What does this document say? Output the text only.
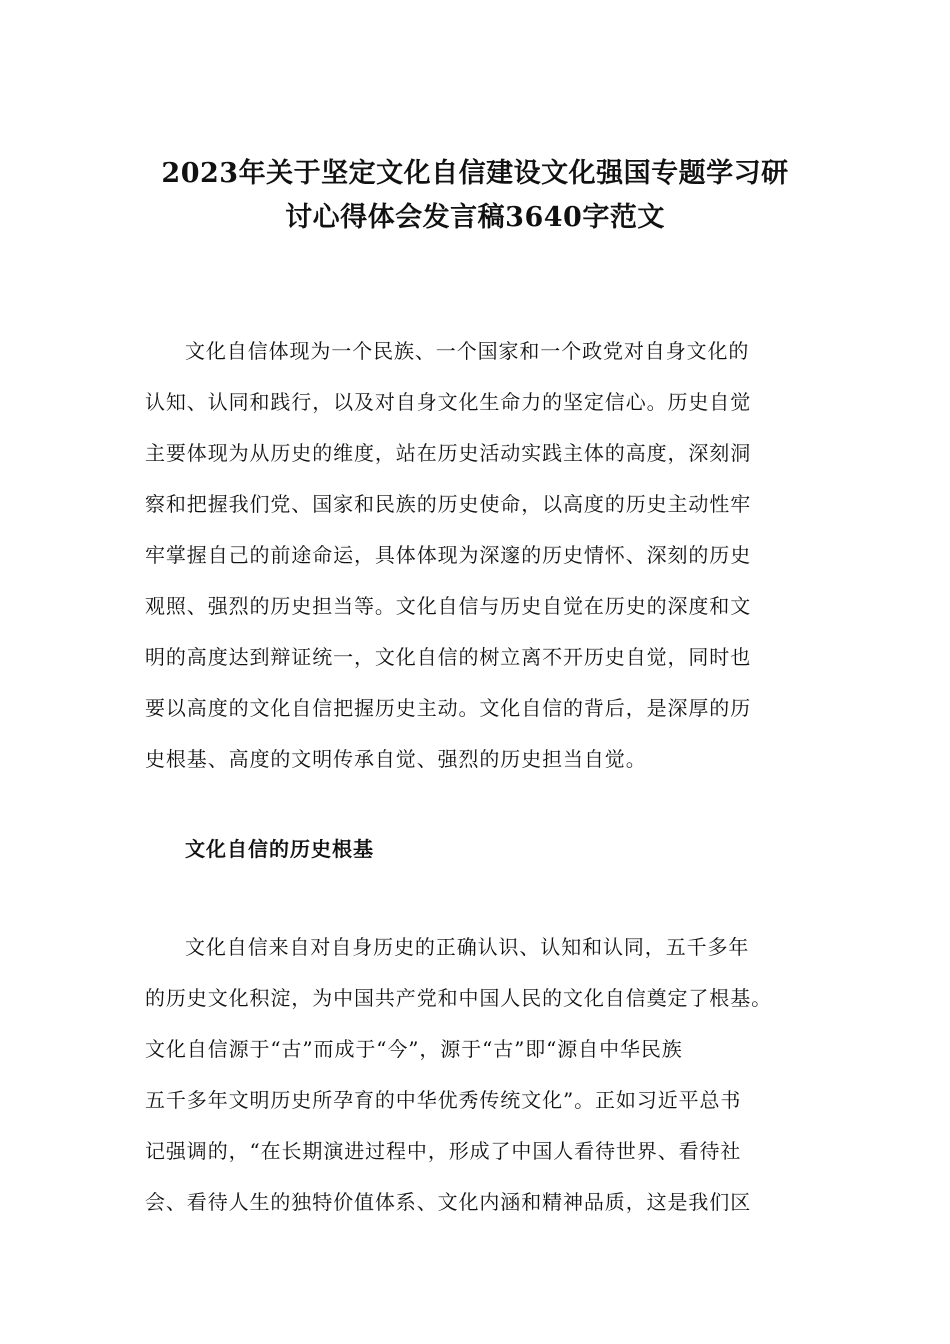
2023年关于坚定文化自信建设文化强国专题学习研
讨心得体会发言稿3640字范文
文化自信体现为一个民族、一个国家和一个政党对自身文化的
认知、认同和践行，以及对自身文化生命力的坚定信心。历史自觉
主要体现为从历史的维度，站在历史活动实践主体的高度，深刻洞
察和把握我们党、国家和民族的历史使命，以高度的历史主动性牢
牢掌握自己的前途命运，具体体现为深邃的历史情怀、深刻的历史
观照、强烈的历史担当等。文化自信与历史自觉在历史的深度和文
明的高度达到辩证统一，文化自信的树立离不开历史自觉，同时也
要以高度的文化自信把握历史主动。文化自信的背后，是深厚的历
史根基、高度的文明传承自觉、强烈的历史担当自觉。
文化自信的历史根基
文化自信来自对自身历史的正确认识、认知和认同，五千多年
的历史文化积淀，为中国共产党和中国人民的文化自信奠定了根基。
文化自信源于“古”而成于“今”，源于“古”即“源自中华民族
五千多年文明历史所孕育的中华优秀传统文化”。正如习近平总书
记强调的，“在长期演进过程中，形成了中国人看待世界、看待社
会、看待人生的独特价值体系、文化内涵和精神品质，这是我们区
